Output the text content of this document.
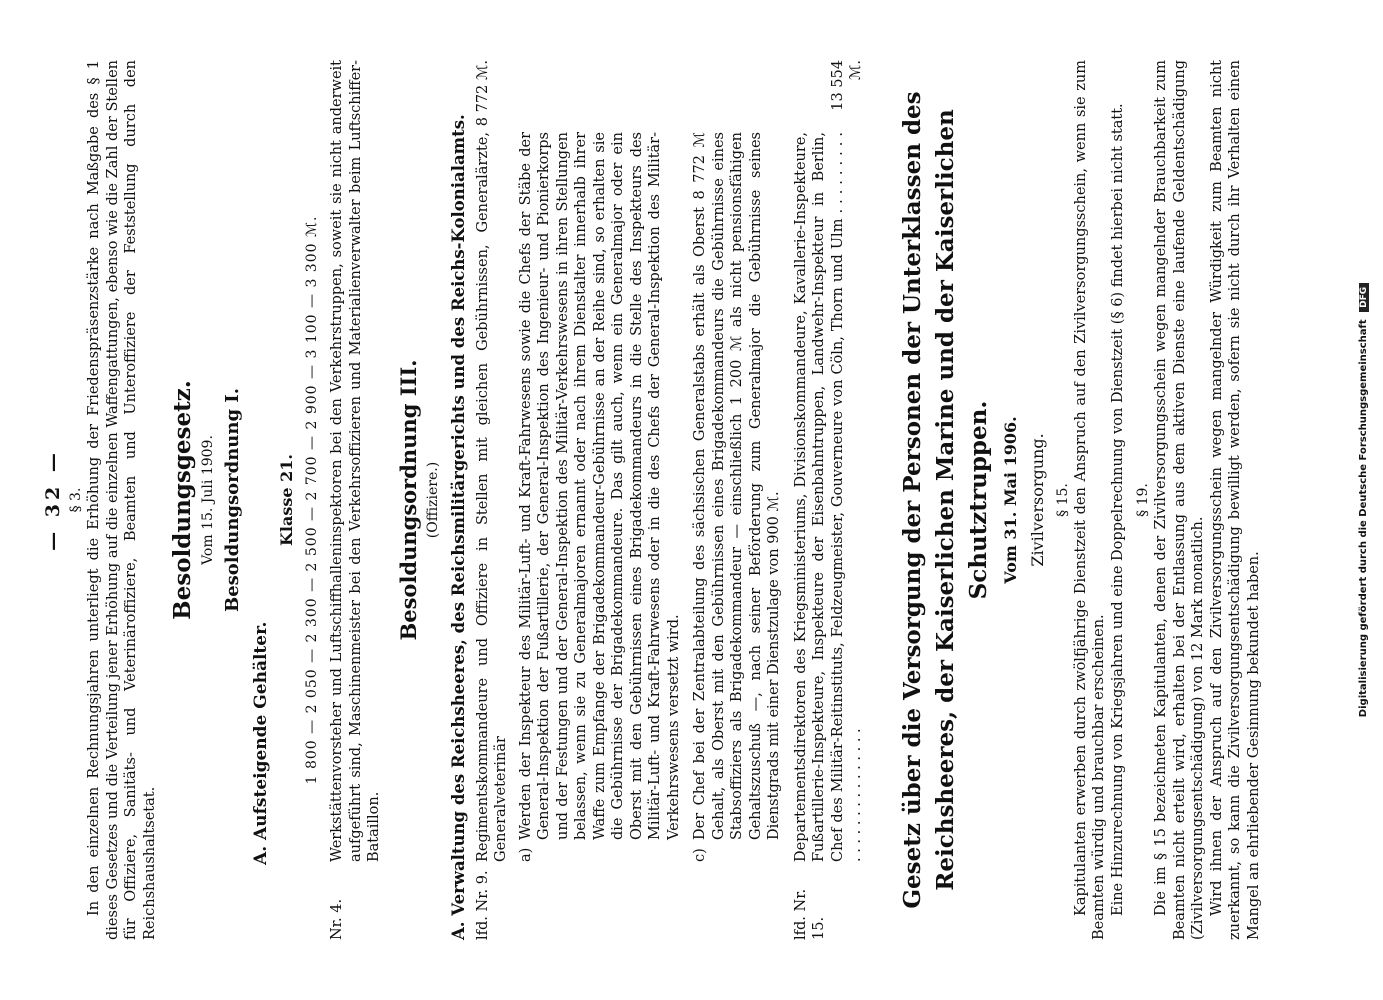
— 32 — § 3. In den einzelnen Rechnungsjahren unterliegt die Erhöhung der Friedenspräsenzstärke nach Maßgabe des § 1 dieses Gesetzes und die Verteilung jener Erhöhung auf die einzelnen Waffengattungen, ebenso wie die Zahl der Stellen für Offiziere, Sanitäts- und Veterinäroffiziere, Beamten und Unteroffiziere der Feststellung durch den Reichshaushaltsetat.

Besoldungsgesetz. Vom 15. Juli 1909. Besoldungsordnung I.
A. Aufsteigende Gehälter.
Klasse 21. 1 800 — 2 050 — 2 300 — 2 500 — 2 700 — 2 900 — 3 100 — 3 300 ℳ.
Nr. 4.
Werkstättenvorsteher und Luftschiffhalleninspektoren bei den Verkehrstruppen, soweit sie nicht anderweit aufgeführt sind, Maschinenmeister bei den Verkehrsoffizieren und Materialienverwalter beim Luftschiffer-Bataillon.
Besoldungsordnung III. (Offiziere.) A. Verwaltung des Reichsheeres, des Reichsmilitärgerichts und des Reichs-Kolonialamts. lfd. Nr. 9.
Regimentskommandeure und Offiziere in Stellen mit gleichen Gebührnissen, Generalärzte, Generalveterinär
8 772 ℳ.
a)
Werden der Inspekteur des Militär-Luft- und Kraft-Fahrwesens sowie die Chefs der Stäbe der General-Inspektion der Fußartillerie, der General-Inspektion des Ingenieur- und Pionierkorps und der Festungen und der General-Inspektion des Militär-Verkehrswesens in ihren Stellungen belassen, wenn sie zu Generalmajoren ernannt oder nach ihrem Dienstalter innerhalb ihrer Waffe zum Empfange der Brigadekommandeur-Gebührnisse an der Reihe sind, so erhalten sie die Gebührnisse der Brigadekommandeure. Das gilt auch, wenn ein Generalmajor oder ein Oberst mit den Gebührnissen eines Brigadekommandeurs in die Stelle des Inspekteurs des Militär-Luft- und Kraft-Fahrwesens oder in die des Chefs der General-Inspektion des Militär-Verkehrswesens versetzt wird.
c)
Der Chef bei der Zentralabteilung des sächsischen Generalstabs erhält als Oberst 8 772 ℳ Gehalt, als Oberst mit den Gebührnissen eines Brigadekommandeurs die Gebührnisse eines Stabsoffiziers als Brigadekommandeur — einschließlich 1 200 ℳ als nicht pensionsfähigen Gehaltszuschuß —, nach seiner Beförderung zum Generalmajor die Gebührnisse seines Dienstgrads mit einer Dienstzulage von 900 ℳ.
lfd. Nr. 15.
Departementsdirektoren des Kriegsministeriums, Divisionskommandeure, Kavallerie-Inspekteure, Fußartillerie-Inspekteure, Inspekteure der Eisenbahntruppen, Landwehr-Inspekteur in Berlin, Chef des Militär-Reitinstituts, Feldzeugmeister, Gouverneure von Cöln, Thorn und Ulm . . . . . . . . . . . . . . . . . . . . . . . .
13 554 ℳ.
Gesetz über die Versorgung der Personen der Unterklassen des Reichsheeres, der Kaiserlichen Marine und der Kaiserlichen Schutztruppen. Vom 31. Mai 1906. Zivilversorgung. § 15. Kapitulanten erwerben durch zwölfjährige Dienstzeit den Anspruch auf den Zivilversorgungsschein, wenn sie zum Beamten würdig und brauchbar erscheinen. Eine Hinzurechnung von Kriegsjahren und eine Doppelrechnung von Dienstzeit (§ 6) findet hierbei nicht statt. § 19. Die im § 15 bezeichneten Kapitulanten, denen der Zivilversorgungsschein wegen mangelnder Brauchbarkeit zum Beamten nicht erteilt wird, erhalten bei der Entlassung aus dem aktiven Dienste eine laufende Geldentschädigung (Zivilversorgungsentschädigung) von 12 Mark monatlich. Wird ihnen der Anspruch auf den Zivilversorgungsschein wegen mangelnder Würdigkeit zum Beamten nicht zuerkannt, so kann die Zivilversorgungsentschädigung bewilligt werden, sofern sie nicht durch ihr Verhalten einen Mangel an ehrliebender Gesinnung bekundet haben.

Digitalisierung gefördert durch die Deutsche Forschungsgemeinschaft DFG
